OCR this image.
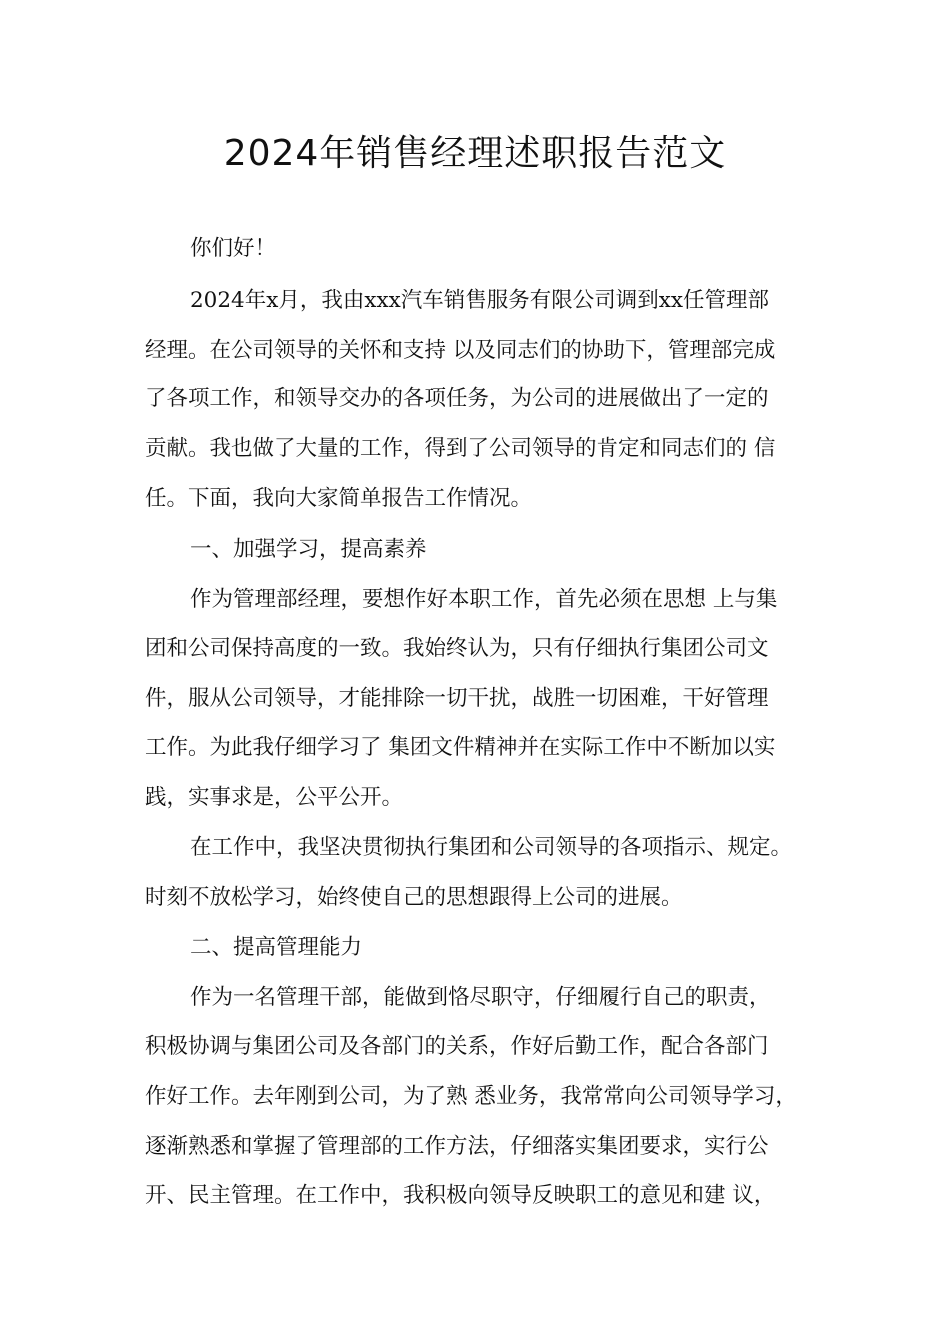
2024年销售经理述职报告范文
你们好！
2024年x月，我由xxx汽车销售服务有限公司调到xx任管理部
经理。在公司领导的关怀和支持 以及同志们的协助下，管理部完成
了各项工作，和领导交办的各项任务，为公司的进展做出了一定的
贡献。我也做了大量的工作，得到了公司领导的肯定和同志们的 信
任。下面，我向大家简单报告工作情况。
一、加强学习，提高素养
作为管理部经理，要想作好本职工作，首先必须在思想 上与集
团和公司保持高度的一致。我始终认为，只有仔细执行集团公司文
件，服从公司领导，才能排除一切干扰，战胜一切困难，干好管理
工作。为此我仔细学习了 集团文件精神并在实际工作中不断加以实
践，实事求是，公平公开。
在工作中，我坚决贯彻执行集团和公司领导的各项指示、规定。
时刻不放松学习，始终使自己的思想跟得上公司的进展。
二、提高管理能力
作为一名管理干部，能做到恪尽职守，仔细履行自己的职责，
积极协调与集团公司及各部门的关系，作好后勤工作，配合各部门
作好工作。去年刚到公司，为了熟 悉业务，我常常向公司领导学习，
逐渐熟悉和掌握了管理部的工作方法，仔细落实集团要求，实行公
开、民主管理。在工作中，我积极向领导反映职工的意见和建 议，
